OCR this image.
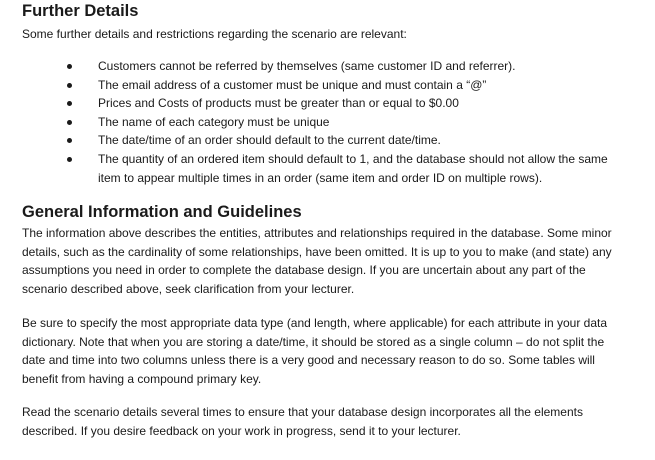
Further Details
Some further details and restrictions regarding the scenario are relevant:
Customers cannot be referred by themselves (same customer ID and referrer).
The email address of a customer must be unique and must contain a “@”
Prices and Costs of products must be greater than or equal to $0.00
The name of each category must be unique
The date/time of an order should default to the current date/time.
The quantity of an ordered item should default to 1, and the database should not allow the same item to appear multiple times in an order (same item and order ID on multiple rows).
General Information and Guidelines

The information above describes the entities, attributes and relationships required in the database. Some minor details, such as the cardinality of some relationships, have been omitted. It is up to you to make (and state) any assumptions you need in order to complete the database design. If you are uncertain about any part of the scenario described above, seek clarification from your lecturer.

Be sure to specify the most appropriate data type (and length, where applicable) for each attribute in your data dictionary. Note that when you are storing a date/time, it should be stored as a single column – do not split the date and time into two columns unless there is a very good and necessary reason to do so. Some tables will benefit from having a compound primary key.

Read the scenario details several times to ensure that your database design incorporates all the elements described. If you desire feedback on your work in progress, send it to your lecturer.
